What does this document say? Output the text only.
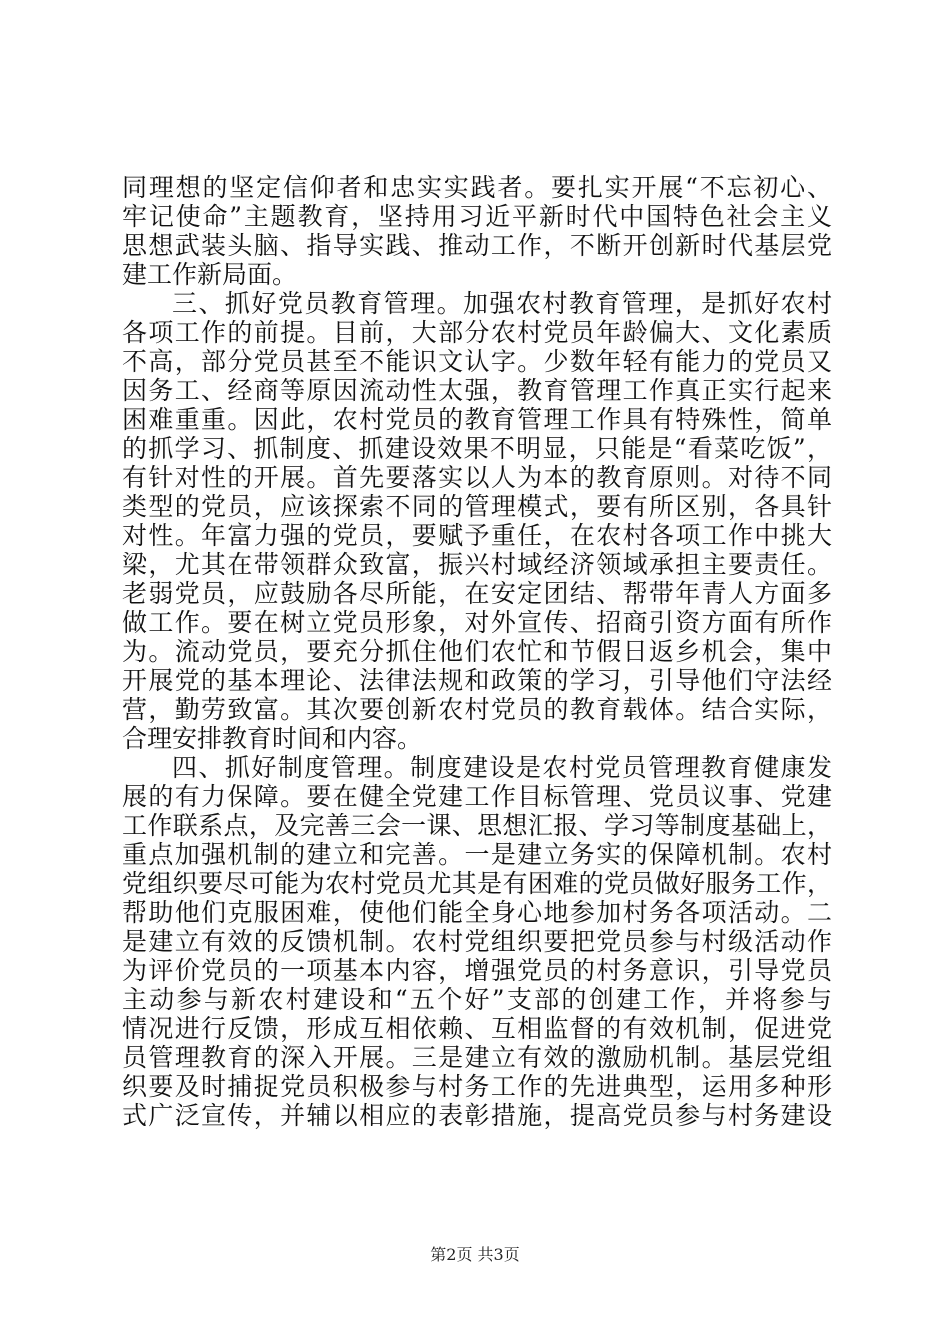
同理想的坚定信仰者和忠实实践者。要扎实开展“不忘初心、
牢记使命”主题教育，坚持用习近平新时代中国特色社会主义
思想武装头脑、指导实践、推动工作，不断开创新时代基层党
建工作新局面。
三、抓好党员教育管理。加强农村教育管理，是抓好农村
各项工作的前提。目前，大部分农村党员年龄偏大、文化素质
不高，部分党员甚至不能识文认字。少数年轻有能力的党员又
因务工、经商等原因流动性太强，教育管理工作真正实行起来
困难重重。因此，农村党员的教育管理工作具有特殊性，简单
的抓学习、抓制度、抓建设效果不明显，只能是“看菜吃饭”，
有针对性的开展。首先要落实以人为本的教育原则。对待不同
类型的党员，应该探索不同的管理模式，要有所区别，各具针
对性。年富力强的党员，要赋予重任，在农村各项工作中挑大
梁，尤其在带领群众致富，振兴村域经济领域承担主要责任。
老弱党员，应鼓励各尽所能，在安定团结、帮带年青人方面多
做工作。要在树立党员形象，对外宣传、招商引资方面有所作
为。流动党员，要充分抓住他们农忙和节假日返乡机会，集中
开展党的基本理论、法律法规和政策的学习，引导他们守法经
营，勤劳致富。其次要创新农村党员的教育载体。结合实际，
合理安排教育时间和内容。
四、抓好制度管理。制度建设是农村党员管理教育健康发
展的有力保障。要在健全党建工作目标管理、党员议事、党建
工作联系点，及完善三会一课、思想汇报、学习等制度基础上，
重点加强机制的建立和完善。一是建立务实的保障机制。农村
党组织要尽可能为农村党员尤其是有困难的党员做好服务工作，
帮助他们克服困难，使他们能全身心地参加村务各项活动。二
是建立有效的反馈机制。农村党组织要把党员参与村级活动作
为评价党员的一项基本内容，增强党员的村务意识，引导党员
主动参与新农村建设和“五个好”支部的创建工作，并将参与
情况进行反馈，形成互相依赖、互相监督的有效机制，促进党
员管理教育的深入开展。三是建立有效的激励机制。基层党组
织要及时捕捉党员积极参与村务工作的先进典型，运用多种形
式广泛宣传，并辅以相应的表彰措施，提高党员参与村务建设
第2页 共3页
